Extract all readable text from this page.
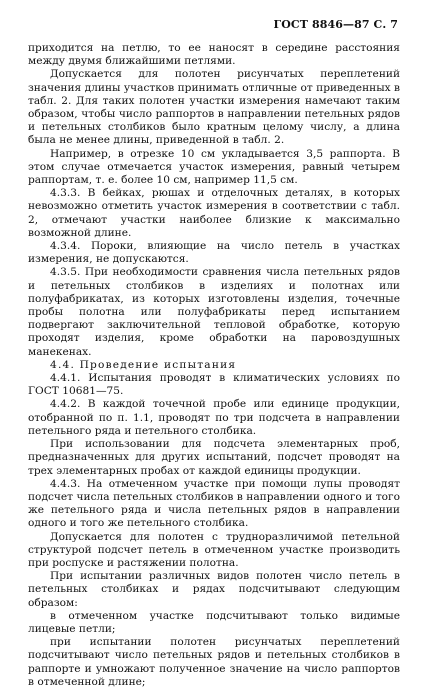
ГОСТ 8846—87 С. 7

приходится на петлю, то ее наносят в середине расстояния между двумя ближайшими петлями.

Допускается для полотен рисунчатых переплетений значения длины участков принимать отличные от приведенных в табл. 2. Для таких полотен участки измерения намечают таким образом, чтобы число раппортов в направлении петельных рядов и петельных столбиков было кратным целому числу, а длина была не менее длины, приведенной в табл. 2.

Например, в отрезке 10 см укладывается 3,5 раппорта. В этом случае отмечается участок измерения, равный четырем раппортам, т. е. более 10 см, например 11,5 см.

4.3.3. В бейках, рюшах и отделочных деталях, в которых невозможно отметить участок измерения в соответствии с табл. 2, отмечают участки наиболее близкие к максимально возможной длине.

4.3.4. Пороки, влияющие на число петель в участках измерения, не допускаются.

4.3.5. При необходимости сравнения числа петельных рядов и петельных столбиков в изделиях и полотнах или полуфабрикатах, из которых изготовлены изделия, точечные пробы полотна или полуфабрикаты перед испытанием подвергают заключительной тепловой обработке, которую проходят изделия, кроме обработки на паровоздушных манекенах.

4.4. Проведение испытания

4.4.1. Испытания проводят в климатических условиях по ГОСТ 10681—75.

4.4.2. В каждой точечной пробе или единице продукции, отобранной по п. 1.1, проводят по три подсчета в направлении петельного ряда и петельного столбика.

При использовании для подсчета элементарных проб, предназначенных для других испытаний, подсчет проводят на трех элементарных пробах от каждой единицы продукции.

4.4.3. На отмеченном участке при помощи лупы проводят подсчет числа петельных столбиков в направлении одного и того же петельного ряда и числа петельных рядов в направлении одного и того же петельного столбика.

Допускается для полотен с трудноразличимой петельной структурой подсчет петель в отмеченном участке производить при роспуске и растяжении полотна.

При испытании различных видов полотен число петель в петельных столбиках и рядах подсчитывают следующим образом:

в отмеченном участке подсчитывают только видимые лицевые петли;

при испытании полотен рисунчатых переплетений подсчитывают число петельных рядов и петельных столбиков в раппорте и умножают полученное значение на число раппортов в отмеченной длине;
